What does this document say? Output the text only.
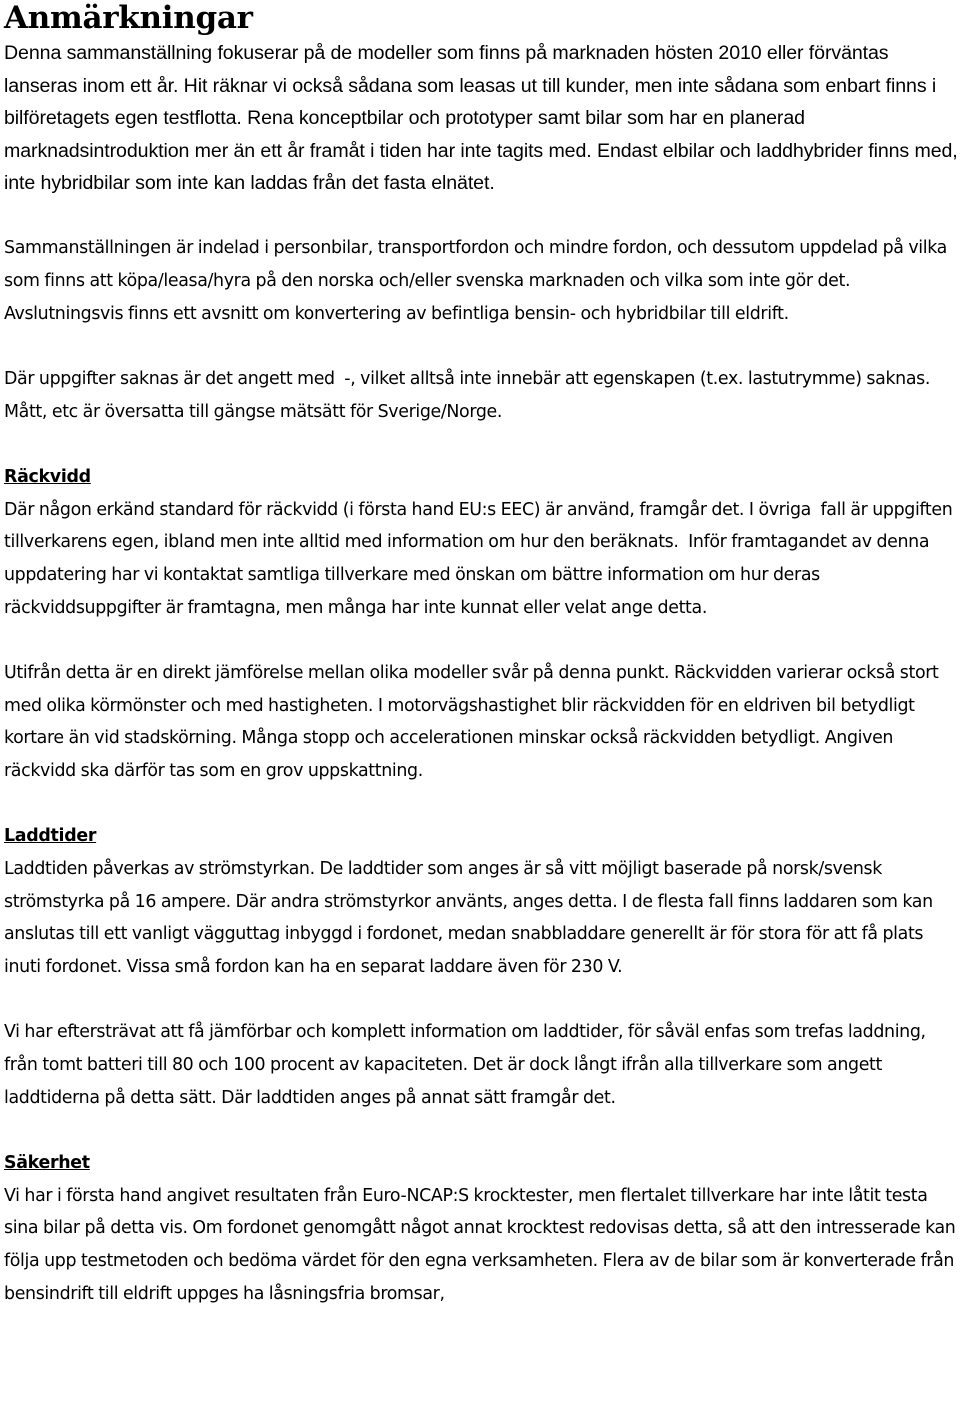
Anmärkningar

Denna sammanställning fokuserar på de modeller som finns på marknaden hösten 2010 eller förväntas lanseras inom ett år. Hit räknar vi också sådana som leasas ut till kunder, men inte sådana som enbart finns i bilföretagets egen testflotta. Rena konceptbilar och prototyper samt bilar som har en planerad marknadsintroduktion mer än ett år framåt i tiden har inte tagits med. Endast elbilar och laddhybrider finns med, inte hybridbilar som inte kan laddas från det fasta elnätet.

Sammanställningen är indelad i personbilar, transportfordon och mindre fordon, och dessutom uppdelad på vilka som finns att köpa/leasa/hyra på den norska och/eller svenska marknaden och vilka som inte gör det. Avslutningsvis finns ett avsnitt om konvertering av befintliga bensin- och hybridbilar till eldrift.

Där uppgifter saknas är det angett med  -, vilket alltså inte innebär att egenskapen (t.ex. lastutrymme) saknas. Mått, etc är översatta till gängse mätsätt för Sverige/Norge.

Räckvidd

Där någon erkänd standard för räckvidd (i första hand EU:s EEC) är använd, framgår det. I övriga  fall är uppgiften tillverkarens egen, ibland men inte alltid med information om hur den beräknats.  Inför framtagandet av denna uppdatering har vi kontaktat samtliga tillverkare med önskan om bättre information om hur deras räckviddsuppgifter är framtagna, men många har inte kunnat eller velat ange detta.

Utifrån detta är en direkt jämförelse mellan olika modeller svår på denna punkt. Räckvidden varierar också stort med olika körmönster och med hastigheten. I motorvägshastighet blir räckvidden för en eldriven bil betydligt kortare än vid stadskörning. Många stopp och accelerationen minskar också räckvidden betydligt. Angiven räckvidd ska därför tas som en grov uppskattning.

Laddtider

Laddtiden påverkas av strömstyrkan. De laddtider som anges är så vitt möjligt baserade på norsk/svensk strömstyrka på 16 ampere. Där andra strömstyrkor använts, anges detta. I de flesta fall finns laddaren som kan anslutas till ett vanligt vägguttag inbyggd i fordonet, medan snabbladdare generellt är för stora för att få plats inuti fordonet. Vissa små fordon kan ha en separat laddare även för 230 V.

Vi har eftersträvat att få jämförbar och komplett information om laddtider, för såväl enfas som trefas laddning, från tomt batteri till 80 och 100 procent av kapaciteten. Det är dock långt ifrån alla tillverkare som angett laddtiderna på detta sätt. Där laddtiden anges på annat sätt framgår det.

Säkerhet

Vi har i första hand angivet resultaten från Euro-NCAP:S krocktester, men flertalet tillverkare har inte låtit testa sina bilar på detta vis. Om fordonet genomgått något annat krocktest redovisas detta, så att den intresserade kan följa upp testmetoden och bedöma värdet för den egna verksamheten. Flera av de bilar som är konverterade från bensindrift till eldrift uppges ha låsningsfria bromsar,
